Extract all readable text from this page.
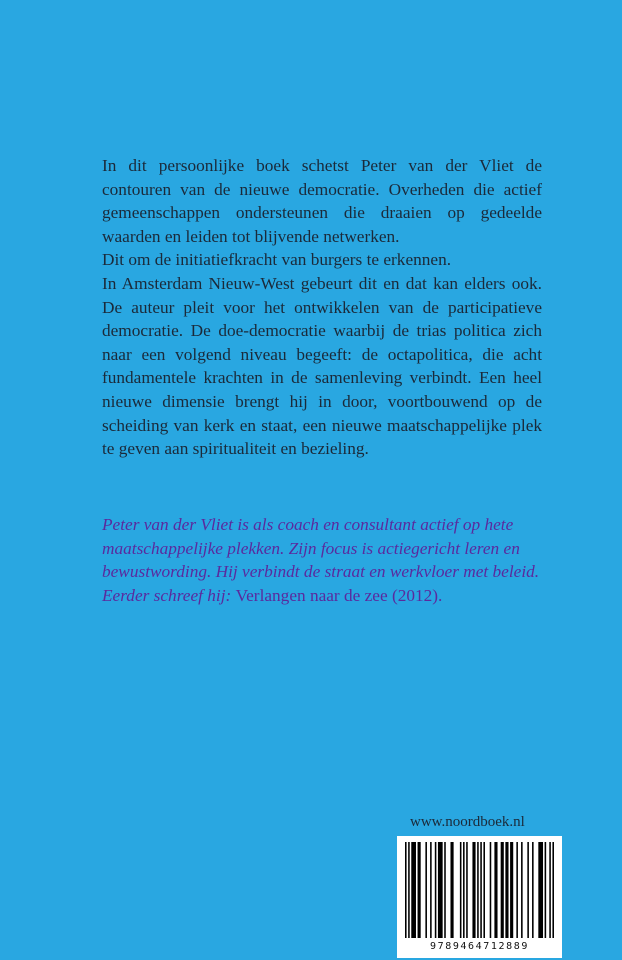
In dit persoonlijke boek schetst Peter van der Vliet de contouren van de nieuwe democratie. Overheden die actief gemeenschappen ondersteunen die draaien op gedeelde waarden en leiden tot blijvende netwerken.

Dit om de initiatiefkracht van burgers te erkennen.

In Amsterdam Nieuw-West gebeurt dit en dat kan elders ook. De auteur pleit voor het ontwikkelen van de participatieve democratie. De doe-democratie waarbij de trias politica zich naar een volgend niveau begeeft: de octapolitica, die acht fundamentele krachten in de samenleving verbindt. Een heel nieuwe dimensie brengt hij in door, voortbouwend op de scheiding van kerk en staat, een nieuwe maatschappelijke plek te geven aan spiritualiteit en bezieling.

Peter van der Vliet is als coach en consultant actief op hete maatschappelijke plekken. Zijn focus is actiegericht leren en bewustwording. Hij verbindt de straat en werkvloer met beleid. Eerder schreef hij: Verlangen naar de zee (2012).
www.noordboek.nl
9789464712889
